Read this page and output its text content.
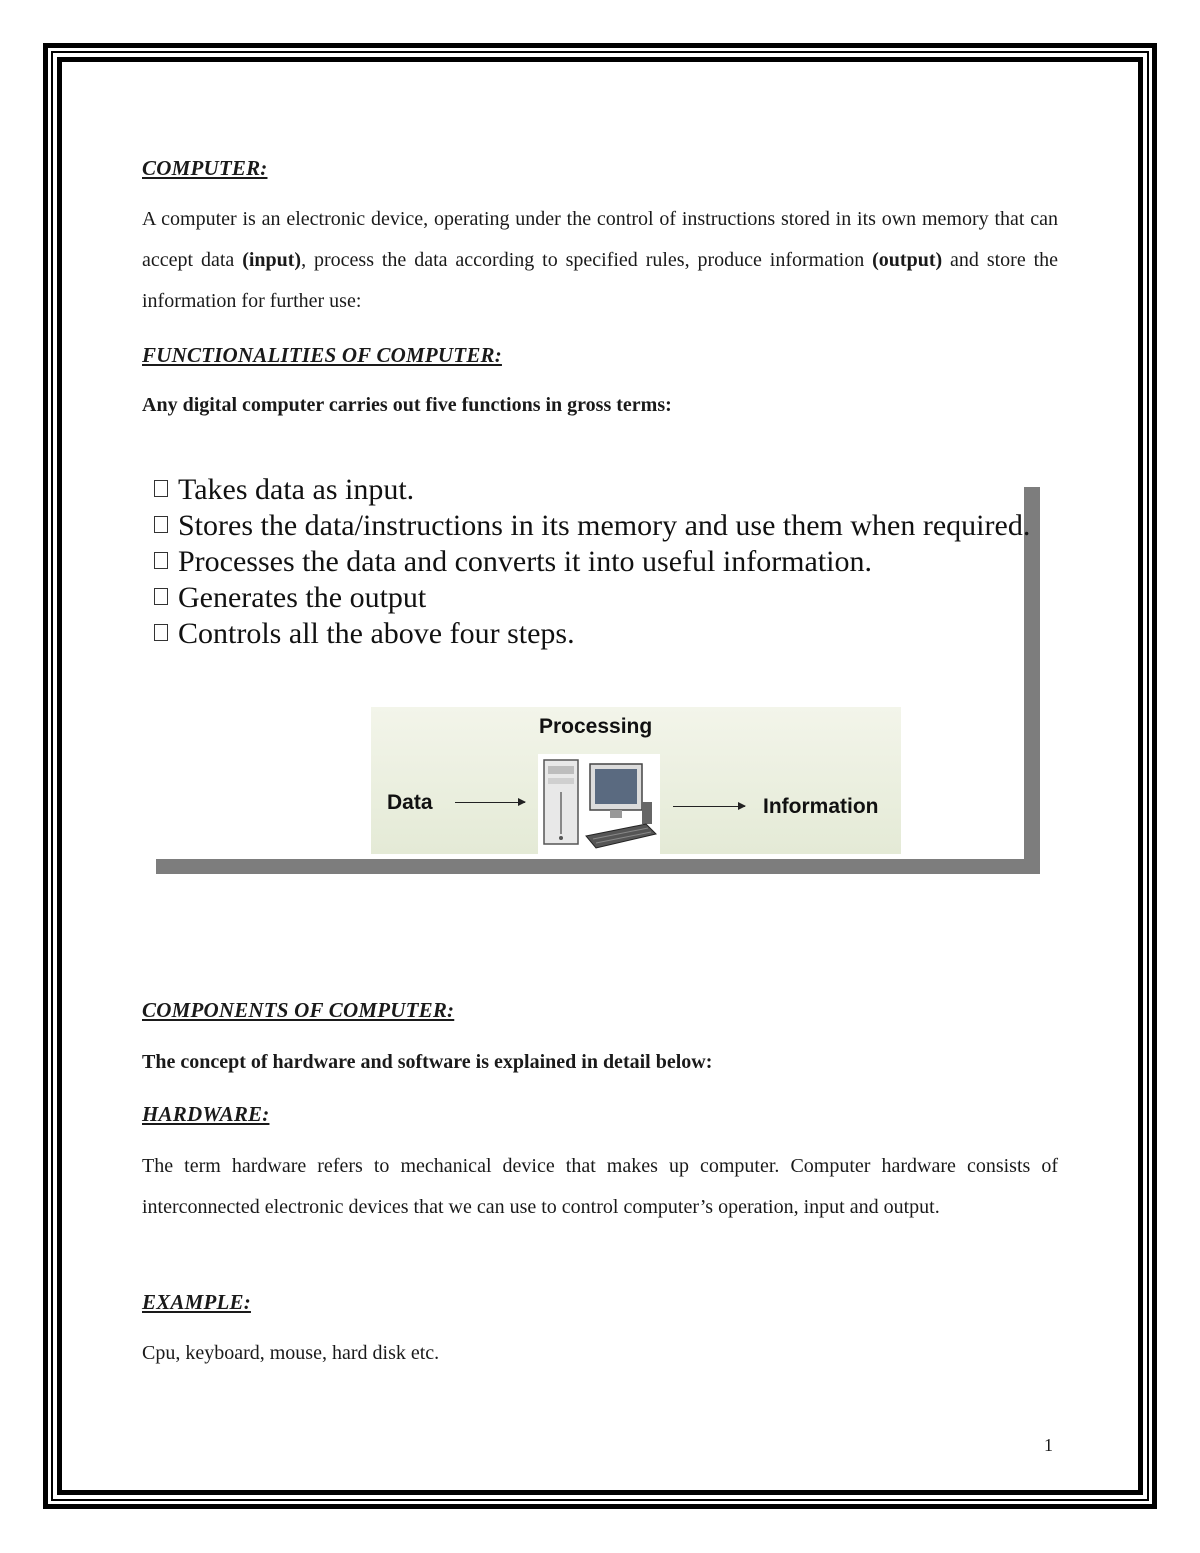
COMPUTER:

A computer is an electronic device, operating under the control of instructions stored in its own memory that can accept data (input), process the data according to specified rules, produce information (output) and store the information for further use:

FUNCTIONALITIES OF COMPUTER:

Any digital computer carries out five functions in gross terms:

Takes data as input.
Stores the data/instructions in its memory and use them when required.
Processes the data and converts it into useful information.
Generates the output
Controls all the above four steps.
Processing
Data	Information
COMPONENTS OF COMPUTER:

The concept of hardware and software is explained in detail below:

HARDWARE:

The term hardware refers to mechanical device that makes up computer. Computer hardware consists of interconnected electronic devices that we can use to control computer’s operation, input and output.

EXAMPLE:

Cpu, keyboard, mouse, hard disk etc.

1
